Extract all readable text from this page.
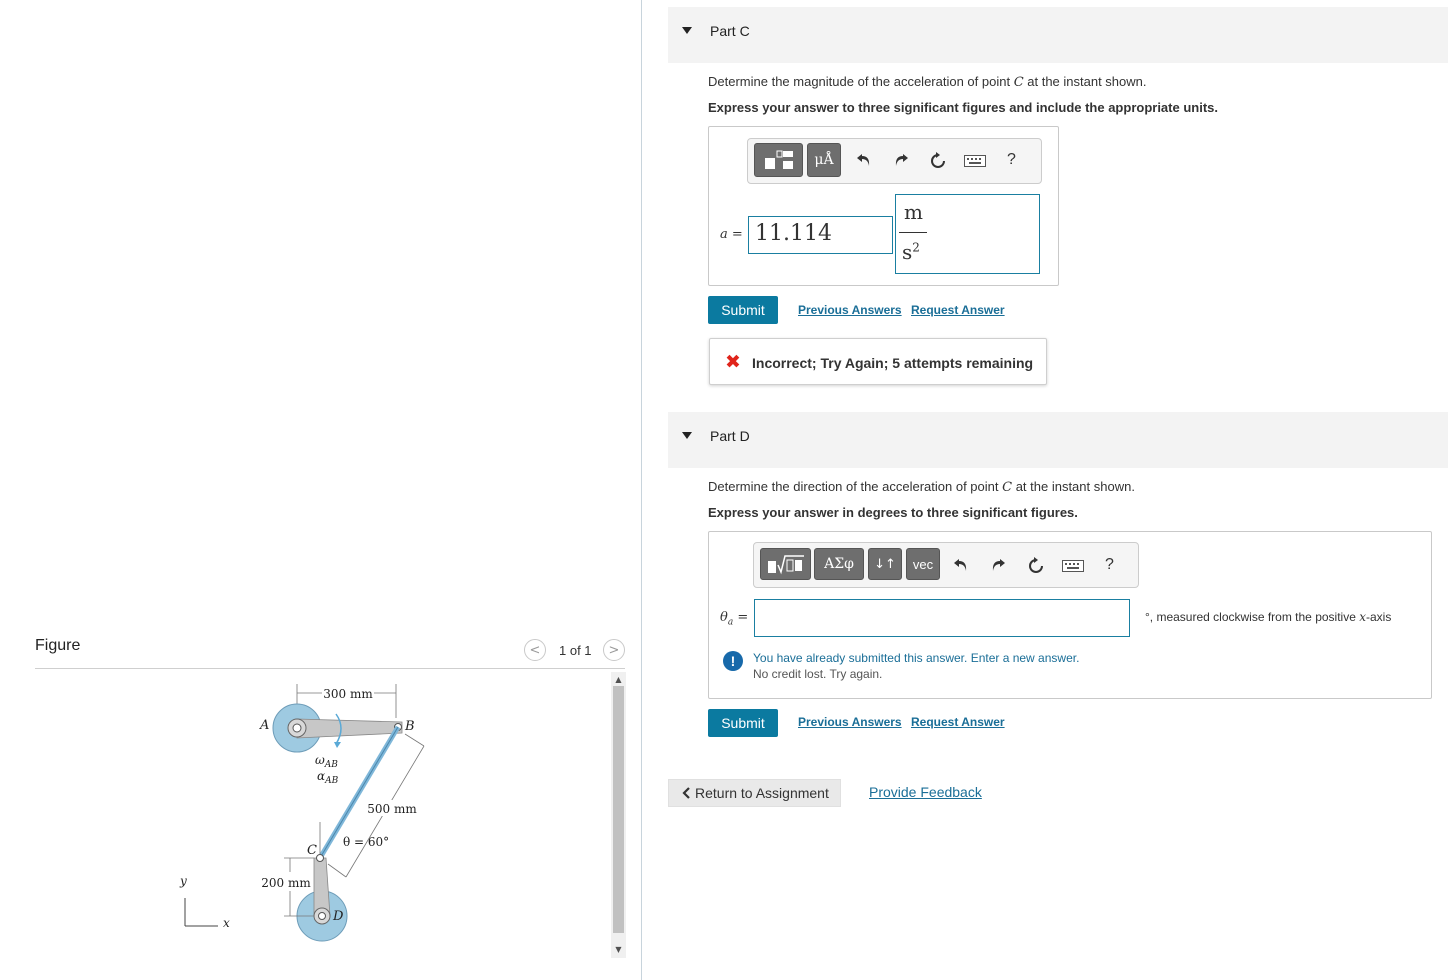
Figure	<	1 of 1	>
▲
▼
300 mm
A	B
$\omega_{AB}$
$\alpha_{AB}$
500 mm
θ = 60°
C
D
200 mm
y
x
Part C
Determine the magnitude of the acceleration of point C at the instant shown.
Express your answer to three significant figures and include the appropriate units.
μÅ	?
a = 11.114
m
$s^2$
Submit	Previous Answers Request Answer
✖ Incorrect; Try Again; 5 attempts remaining
Part D
Determine the direction of the acceleration of point C at the instant shown.
Express your answer in degrees to three significant figures.
ΑΣφ	↓↑	vec	?
$\theta_a$ =	°, measured clockwise from the positive x-axis
!	You have already submitted this answer. Enter a new answer.
No credit lost. Try again.
Submit	Previous Answers Request Answer
Return to Assignment	Provide Feedback
